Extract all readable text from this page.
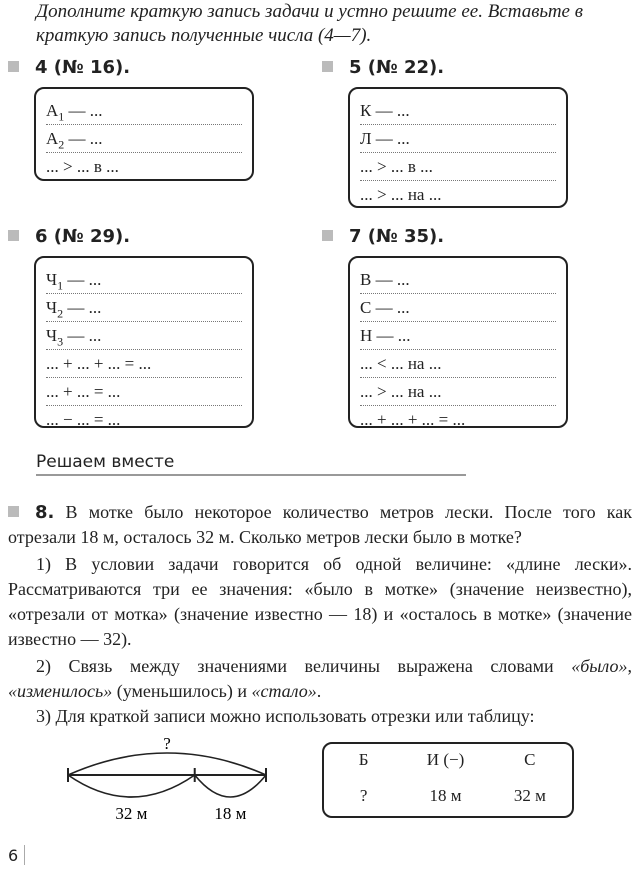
Дополните краткую запись задачи и устно решите ее. Вставьте в краткую запись полученные числа (4—7).

4 (№ 16).
$А_1$ — ...
$А_2$ — ...
... > ... в ...
5 (№ 22).
К — ...
Л — ...
... > ... в ...
... > ... на ...
6 (№ 29).
$Ч_1$ — ...
$Ч_2$ — ...
$Ч_3$ — ...
... + ... + ... = ...
... + ... = ...
... − ... = ...
7 (№ 35).
В — ...
С — ...
Н — ...
... < ... на ...
... > ... на ...
... + ... + ... = ...
Решаем вместе

8. В мотке было некоторое количество метров лески. После того как отрезали 18 м, осталось 32 м. Сколько метров лески было в мотке?

1) В условии задачи говорится об одной величине: «длине лески». Рассматриваются три ее значения: «было в мотке» (значение неизвестно), «отрезали от мотка» (значение известно — 18) и «осталось в мотке» (значение известно — 32).

2) Связь между значениями величины выражена словами «было», «изменилось» (уменьшилось) и «стало».

3) Для краткой записи можно использовать отрезки или таблицу:

?
32 м	18 м
Б	И (−)	С
?	18 м	32 м
6
